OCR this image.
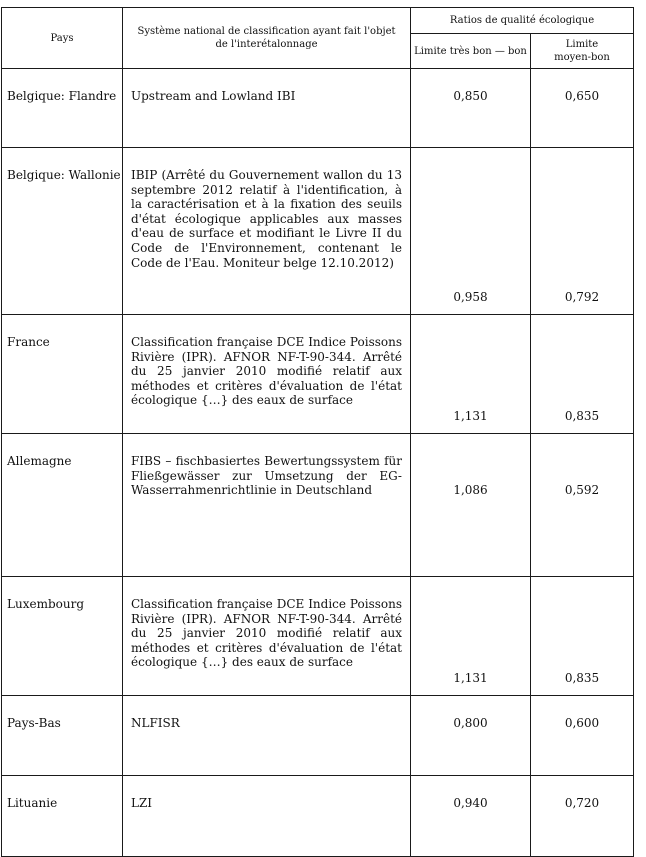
Pays	Système national de classification ayant fait l'objet de l'interétalonnage	Ratios de qualité écologique	
		Limite très bon — bon	Limite moyen-bon
Belgique: Flandre	Upstream and Lowland IBI	0,850	0,650
Belgique: Wallonie	IBIP (Arrêté du Gouvernement wallon du 13 septembre 2012 relatif à l'identification, à la caractérisation et à la fixation des seuils d'état écologique applicables aux masses d'eau de surface et modifiant le Livre II du Code de l'Environnement, contenant le Code de l'Eau. Moniteur belge 12.10.2012)	0,958	0,792
France	Classification française DCE Indice Poissons Rivière (IPR). AFNOR NF-T-90-344. Arrêté du 25 janvier 2010 modifié relatif aux méthodes et critères d'évaluation de l'état écologique {…} des eaux de surface	1,131	0,835
Allemagne	FIBS – fischbasiertes Bewertungssystem für Fließgewässer zur Umsetzung der EG-Wasserrahmenrichtlinie in Deutschland	1,086	0,592
Luxembourg	Classification française DCE Indice Poissons Rivière (IPR). AFNOR NF-T-90-344. Arrêté du 25 janvier 2010 modifié relatif aux méthodes et critères d'évaluation de l'état écologique {…} des eaux de surface	1,131	0,835
Pays-Bas	NLFISR	0,800	0,600
Lituanie	LZI	0,940	0,720
